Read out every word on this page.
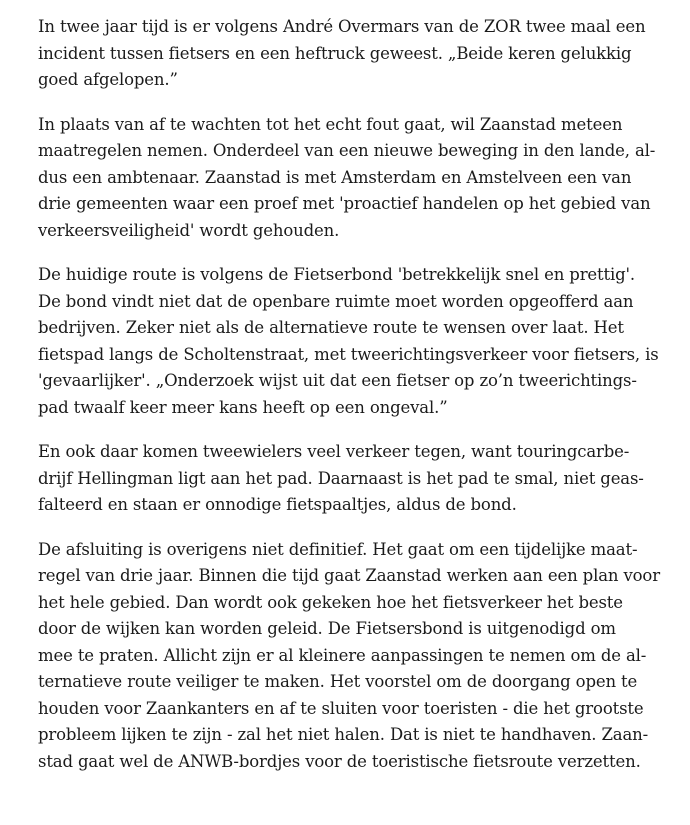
In twee jaar tijd is er volgens André Overmars van de ZOR twee maal een
incident tussen fietsers en een heftruck geweest. „Beide keren gelukkig
goed afgelopen.”

In plaats van af te wachten tot het echt fout gaat, wil Zaanstad meteen
maatregelen nemen. Onderdeel van een nieuwe beweging in den lande, al-
dus een ambtenaar. Zaanstad is met Amsterdam en Amstelveen een van
drie gemeenten waar een proef met 'proactief handelen op het gebied van
verkeersveiligheid' wordt gehouden.

De huidige route is volgens de Fietserbond 'betrekkelijk snel en prettig'.
De bond vindt niet dat de openbare ruimte moet worden opgeofferd aan
bedrijven. Zeker niet als de alternatieve route te wensen over laat. Het
fietspad langs de Scholtenstraat, met tweerichtingsverkeer voor fietsers, is
'gevaarlijker'. „Onderzoek wijst uit dat een fietser op zo’n tweerichtings-
pad twaalf keer meer kans heeft op een ongeval.”

En ook daar komen tweewielers veel verkeer tegen, want touringcarbe-
drijf Hellingman ligt aan het pad. Daarnaast is het pad te smal, niet geas-
falteerd en staan er onnodige fietspaaltjes, aldus de bond.

De afsluiting is overigens niet definitief. Het gaat om een tijdelijke maat-
regel van drie jaar. Binnen die tijd gaat Zaanstad werken aan een plan voor
het hele gebied. Dan wordt ook gekeken hoe het fietsverkeer het beste
door de wijken kan worden geleid. De Fietsersbond is uitgenodigd om
mee te praten. Allicht zijn er al kleinere aanpassingen te nemen om de al-
ternatieve route veiliger te maken. Het voorstel om de doorgang open te
houden voor Zaankanters en af te sluiten voor toeristen - die het grootste
probleem lijken te zijn - zal het niet halen. Dat is niet te handhaven. Zaan-
stad gaat wel de ANWB-bordjes voor de toeristische fietsroute verzetten.
